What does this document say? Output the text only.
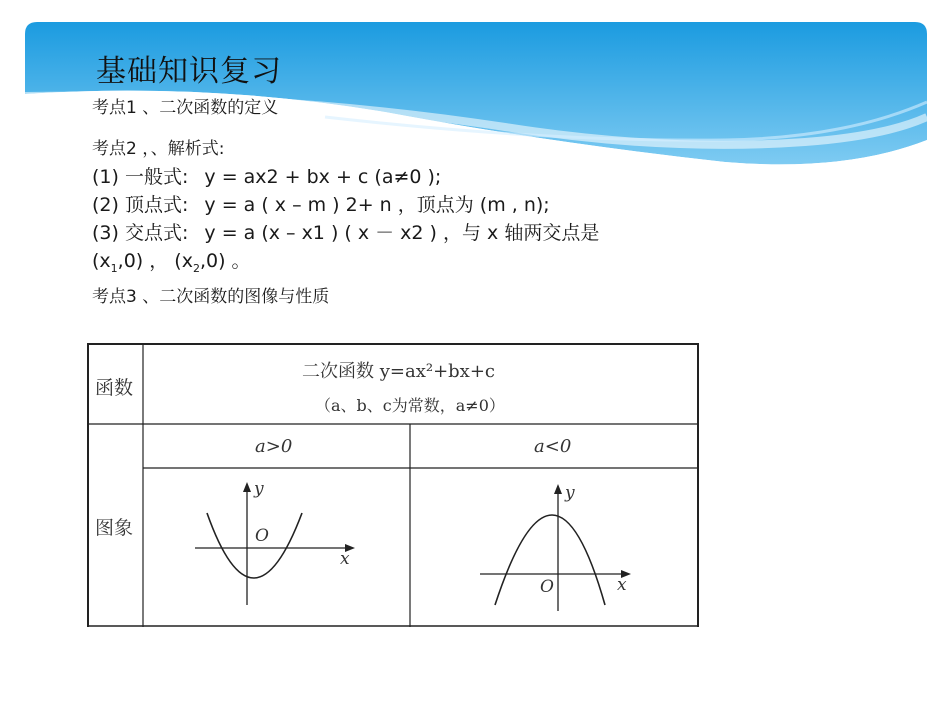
基础知识复习
考点1 、二次函数的定义
考点2 ，、解析式:
(1) 一般式: y = ax2 + bx + c (a≠0 );
(2) 顶点式: y = a ( x – m ) 2+ n ，顶点为 (m , n);
(3) 交点式: y = a (x – x1 ) ( x － x2 ) ，与 x 轴两交点是
$(x_1,0)$ ， $(x_2,0)$ 。
考点3 、二次函数的图像与性质
函数
二次函数 y=ax²+bx+c
（a、b、c为常数，a≠0）
图象
a>0	a<0
y
x
O
y
x
O
